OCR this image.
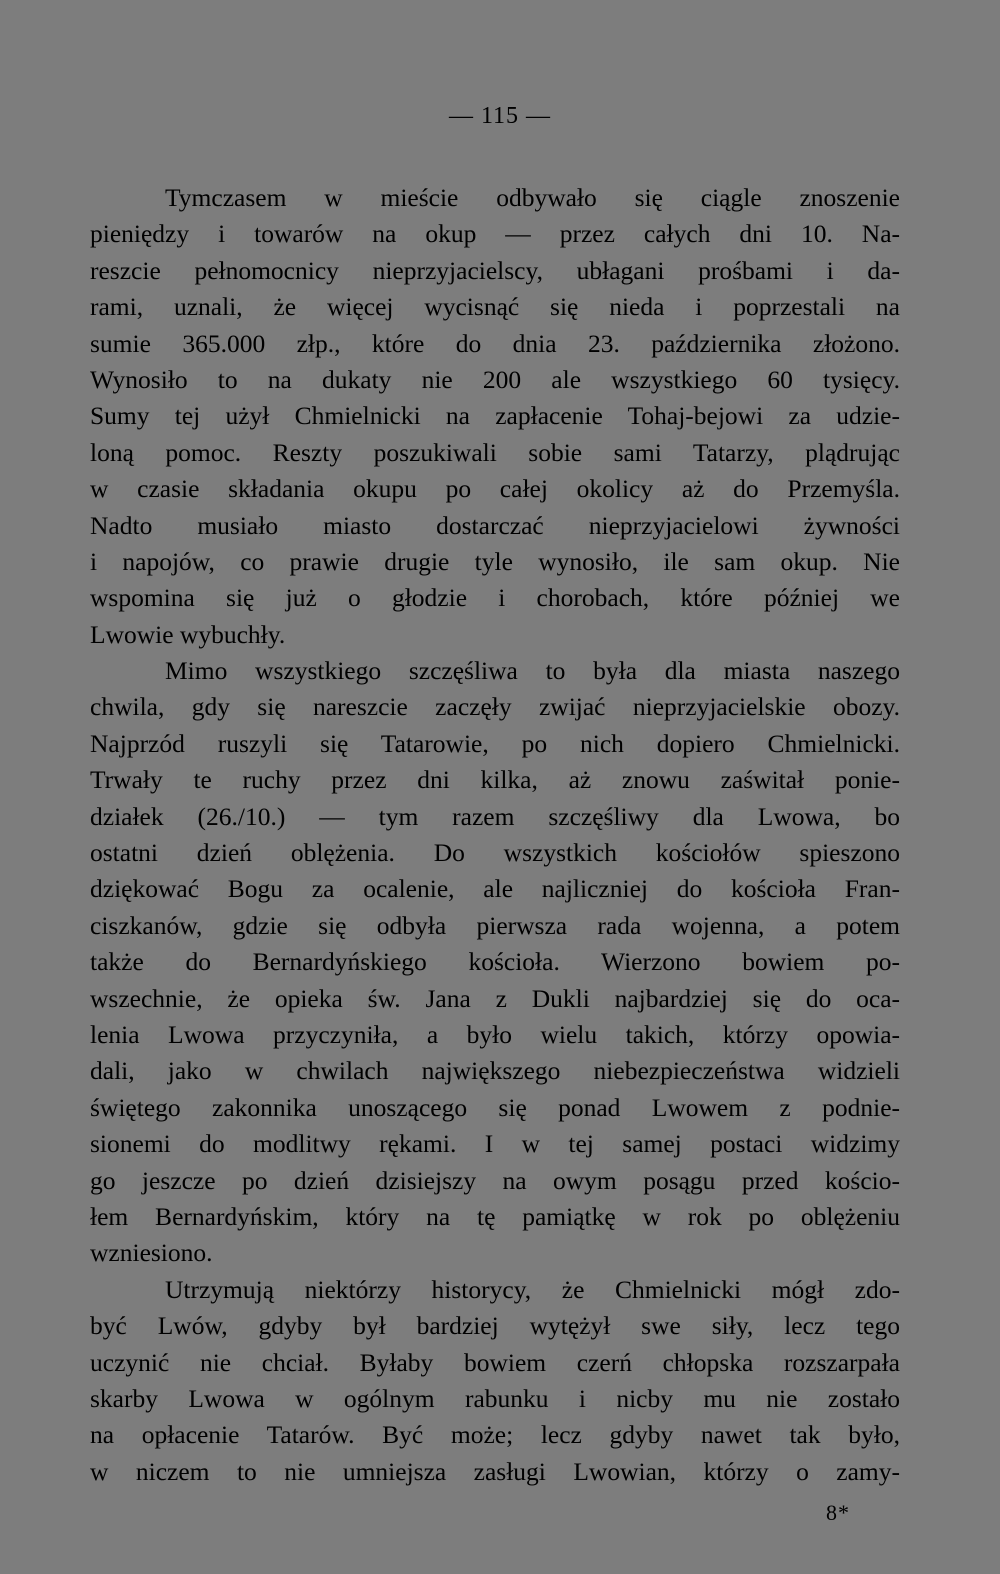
— 115 —

Tymczasem w mieście odbywało się ciągle znoszenie
pieniędzy i towarów na okup — przez całych dni 10. Na-
reszcie pełnomocnicy nieprzyjacielscy, ubłagani prośbami i da-
rami, uznali, że więcej wycisnąć się nieda i poprzestali na
sumie 365.000 złp., które do dnia 23. października złożono.
Wynosiło to na dukaty nie 200 ale wszystkiego 60 tysięcy.
Sumy tej użył Chmielnicki na zapłacenie Tohaj-bejowi za udzie-
loną pomoc. Reszty poszukiwali sobie sami Tatarzy, plądrując
w czasie składania okupu po całej okolicy aż do Przemyśla.
Nadto musiało miasto dostarczać nieprzyjacielowi żywności
i napojów, co prawie drugie tyle wynosiło, ile sam okup. Nie
wspomina się już o głodzie i chorobach, które później we
Lwowie wybuchły.

Mimo wszystkiego szczęśliwa to była dla miasta naszego
chwila, gdy się nareszcie zaczęły zwijać nieprzyjacielskie obozy.
Najprzód ruszyli się Tatarowie, po nich dopiero Chmielnicki.
Trwały te ruchy przez dni kilka, aż znowu zaświtał ponie-
działek (26./10.) — tym razem szczęśliwy dla Lwowa, bo
ostatni dzień oblężenia. Do wszystkich kościołów spieszono
dziękować Bogu za ocalenie, ale najliczniej do kościoła Fran-
ciszkanów, gdzie się odbyła pierwsza rada wojenna, a potem
także do Bernardyńskiego kościoła. Wierzono bowiem po-
wszechnie, że opieka św. Jana z Dukli najbardziej się do oca-
lenia Lwowa przyczyniła, a było wielu takich, którzy opowia-
dali, jako w chwilach największego niebezpieczeństwa widzieli
świętego zakonnika unoszącego się ponad Lwowem z podnie-
sionemi do modlitwy rękami. I w tej samej postaci widzimy
go jeszcze po dzień dzisiejszy na owym posągu przed kościo-
łem Bernardyńskim, który na tę pamiątkę w rok po oblężeniu
wzniesiono.

Utrzymują niektórzy historycy, że Chmielnicki mógł zdo-
być Lwów, gdyby był bardziej wytężył swe siły, lecz tego
uczynić nie chciał. Byłaby bowiem czerń chłopska rozszarpała
skarby Lwowa w ogólnym rabunku i nicby mu nie zostało
na opłacenie Tatarów. Być może; lecz gdyby nawet tak było,
w niczem to nie umniejsza zasługi Lwowian, którzy o zamy-

8*
